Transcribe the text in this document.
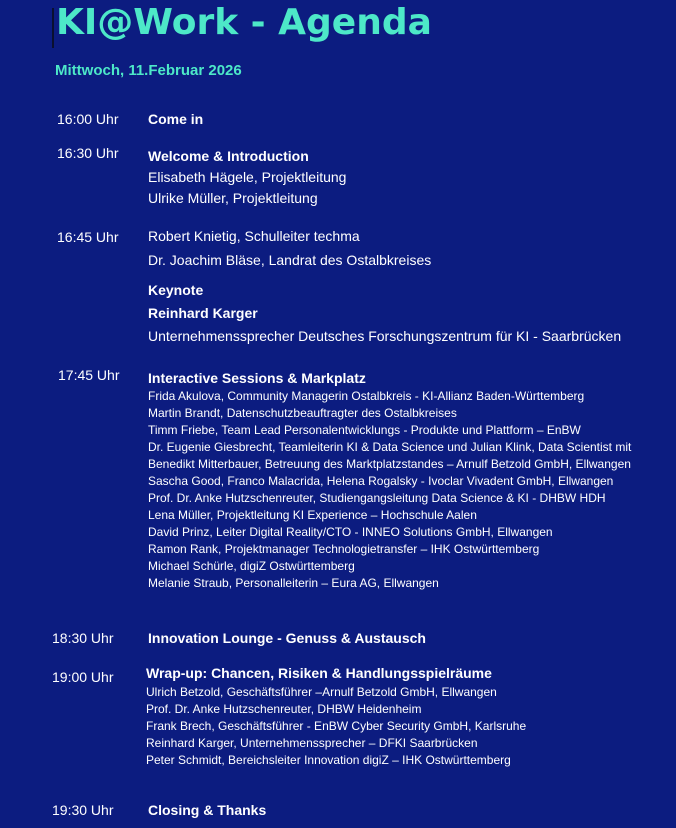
KI@Work - Agenda
Mittwoch, 11.Februar 2026
16:00 Uhr Come in
16:30 Uhr Welcome & Introduction
Elisabeth Hägele, Projektleitung
Ulrike Müller, Projektleitung
16:45 Uhr Robert Knietig, Schulleiter techma
Dr. Joachim Bläse, Landrat des Ostalbkreises
Keynote
Reinhard Karger
Unternehmenssprecher Deutsches Forschungszentrum für KI - Saarbrücken
17:45 Uhr Interactive Sessions & Markplatz
Frida Akulova, Community Managerin Ostalbkreis - KI-Allianz Baden-Württemberg
Martin Brandt, Datenschutzbeauftragter des Ostalbkreises
Timm Friebe, Team Lead Personalentwicklungs - Produkte und Plattform – EnBW
Dr. Eugenie Giesbrecht, Teamleiterin KI & Data Science und Julian Klink, Data Scientist mit
Benedikt Mitterbauer, Betreuung des Marktplatzstandes – Arnulf Betzold GmbH, Ellwangen
Sascha Good, Franco Malacrida, Helena Rogalsky - Ivoclar Vivadent GmbH, Ellwangen
Prof. Dr. Anke Hutzschenreuter, Studiengangsleitung Data Science & KI - DHBW HDH
Lena Müller, Projektleitung KI Experience – Hochschule Aalen
David Prinz, Leiter Digital Reality/CTO - INNEO Solutions GmbH, Ellwangen
Ramon Rank, Projektmanager Technologietransfer – IHK Ostwürttemberg
Michael Schürle, digiZ Ostwürttemberg
Melanie Straub, Personalleiterin – Eura AG, Ellwangen
18:30 Uhr Innovation Lounge - Genuss & Austausch
19:00 Uhr Wrap-up: Chancen, Risiken & Handlungsspielräume
Ulrich Betzold, Geschäftsführer –Arnulf Betzold GmbH, Ellwangen
Prof. Dr. Anke Hutzschenreuter, DHBW Heidenheim
Frank Brech, Geschäftsführer - EnBW Cyber Security GmbH, Karlsruhe
Reinhard Karger, Unternehmenssprecher – DFKI Saarbrücken
Peter Schmidt, Bereichsleiter Innovation digiZ – IHK Ostwürttemberg
19:30 Uhr Closing & Thanks
